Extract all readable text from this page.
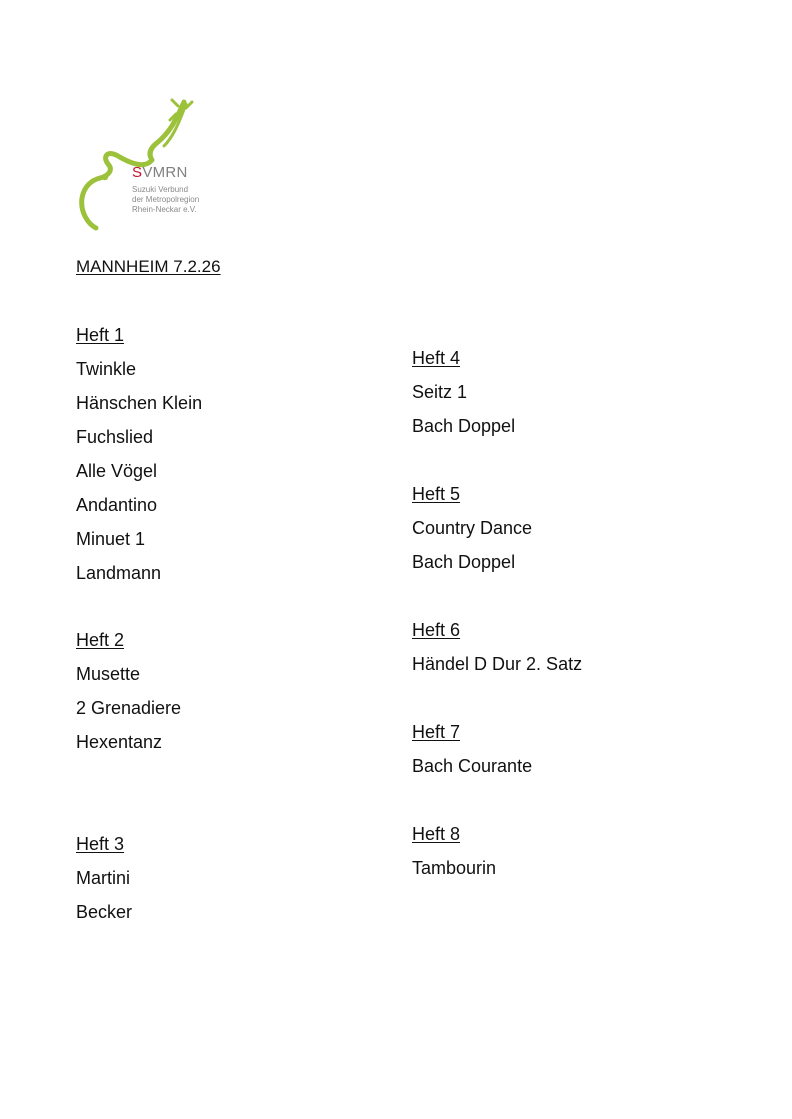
SVMRN
Suzuki Verbund
der Metropolregion
Rhein-Neckar e.V.
MANNHEIM 7.2.26
Heft 1
Twinkle
Hänschen Klein
Fuchslied
Alle Vögel
Andantino
Minuet 1
Landmann
Heft 2
Musette
2 Grenadiere
Hexentanz
Heft 3
Martini
Becker
Heft 4
Seitz 1
Bach Doppel
Heft 5
Country Dance
Bach Doppel
Heft 6
Händel D Dur 2. Satz
Heft 7
Bach Courante
Heft 8
Tambourin
